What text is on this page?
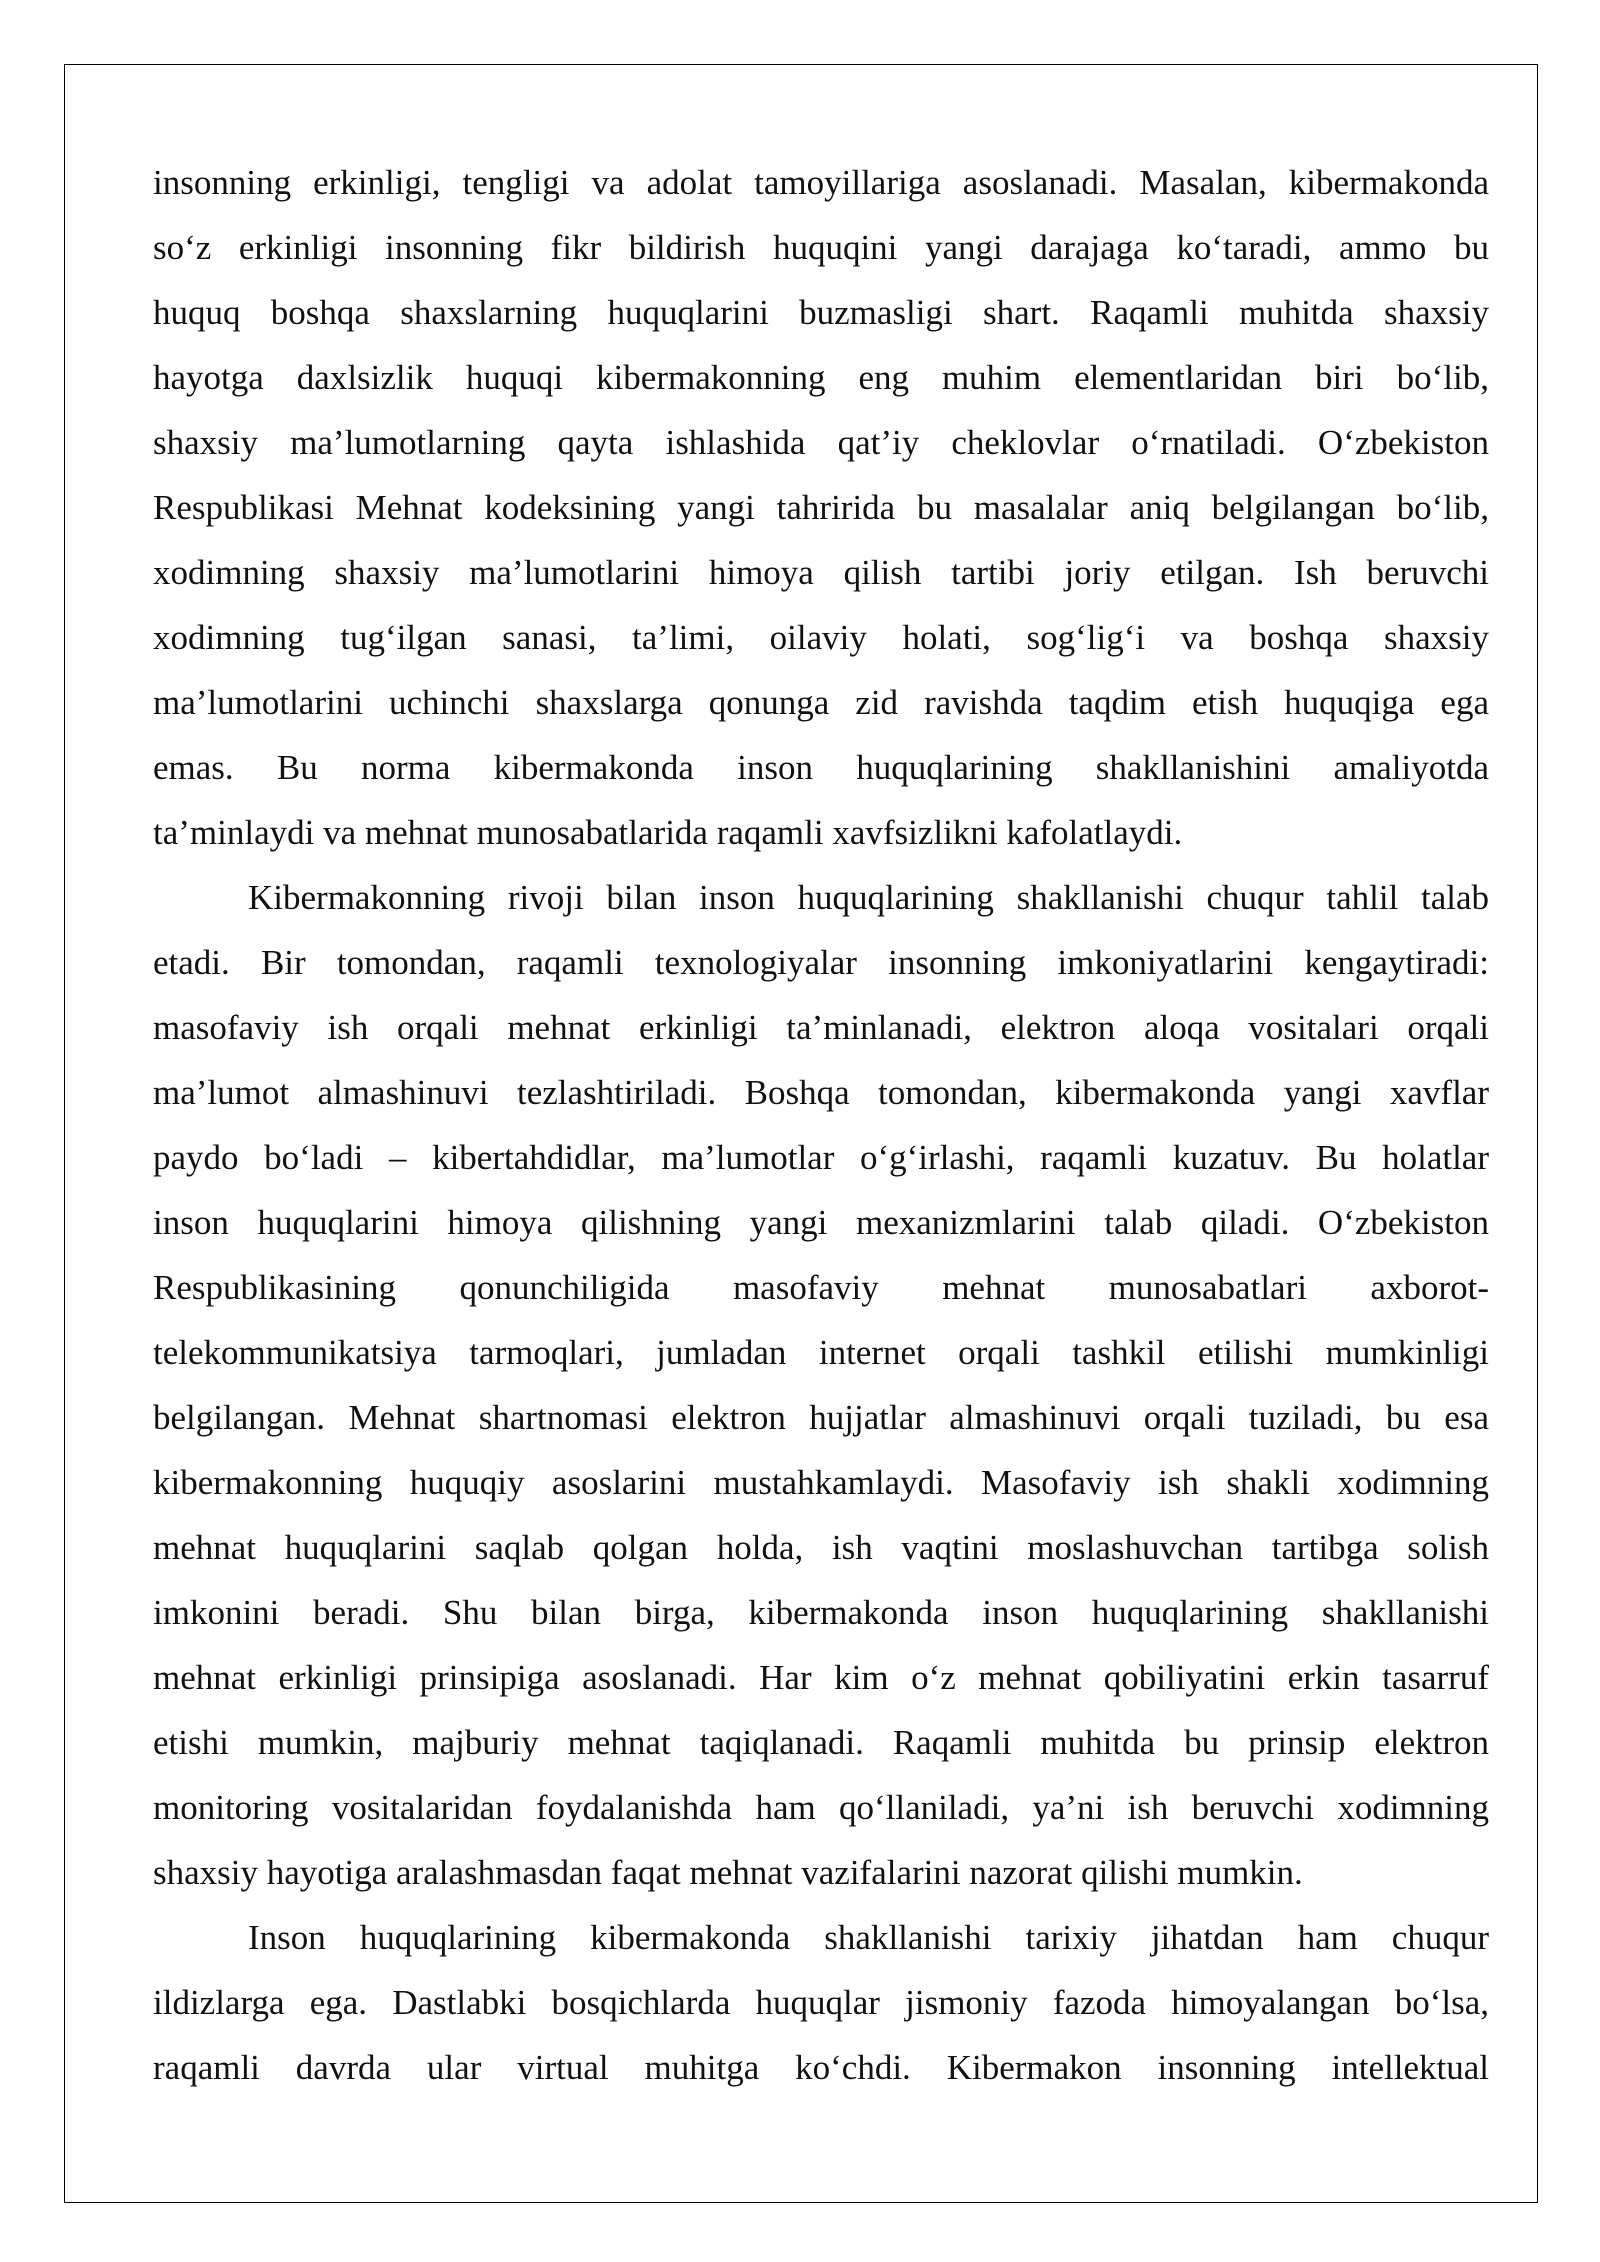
insonning erkinligi, tengligi va adolat tamoyillariga asoslanadi. Masalan, kibermakonda
so‘z erkinligi insonning fikr bildirish huquqini yangi darajaga ko‘taradi, ammo bu
huquq boshqa shaxslarning huquqlarini buzmasligi shart. Raqamli muhitda shaxsiy
hayotga daxlsizlik huquqi kibermakonning eng muhim elementlaridan biri bo‘lib,
shaxsiy ma’lumotlarning qayta ishlashida qat’iy cheklovlar o‘rnatiladi. O‘zbekiston
Respublikasi Mehnat kodeksining yangi tahririda bu masalalar aniq belgilangan bo‘lib,
xodimning shaxsiy ma’lumotlarini himoya qilish tartibi joriy etilgan. Ish beruvchi
xodimning tug‘ilgan sanasi, ta’limi, oilaviy holati, sog‘lig‘i va boshqa shaxsiy
ma’lumotlarini uchinchi shaxslarga qonunga zid ravishda taqdim etish huquqiga ega
emas. Bu norma kibermakonda inson huquqlarining shakllanishini amaliyotda
ta’minlaydi va mehnat munosabatlarida raqamli xavfsizlikni kafolatlaydi.
Kibermakonning rivoji bilan inson huquqlarining shakllanishi chuqur tahlil talab
etadi. Bir tomondan, raqamli texnologiyalar insonning imkoniyatlarini kengaytiradi:
masofaviy ish orqali mehnat erkinligi ta’minlanadi, elektron aloqa vositalari orqali
ma’lumot almashinuvi tezlashtiriladi. Boshqa tomondan, kibermakonda yangi xavflar
paydo bo‘ladi – kibertahdidlar, ma’lumotlar o‘g‘irlashi, raqamli kuzatuv. Bu holatlar
inson huquqlarini himoya qilishning yangi mexanizmlarini talab qiladi. O‘zbekiston
Respublikasining qonunchiligida masofaviy mehnat munosabatlari axborot-
telekommunikatsiya tarmoqlari, jumladan internet orqali tashkil etilishi mumkinligi
belgilangan. Mehnat shartnomasi elektron hujjatlar almashinuvi orqali tuziladi, bu esa
kibermakonning huquqiy asoslarini mustahkamlaydi. Masofaviy ish shakli xodimning
mehnat huquqlarini saqlab qolgan holda, ish vaqtini moslashuvchan tartibga solish
imkonini beradi. Shu bilan birga, kibermakonda inson huquqlarining shakllanishi
mehnat erkinligi prinsipiga asoslanadi. Har kim o‘z mehnat qobiliyatini erkin tasarruf
etishi mumkin, majburiy mehnat taqiqlanadi. Raqamli muhitda bu prinsip elektron
monitoring vositalaridan foydalanishda ham qo‘llaniladi, ya’ni ish beruvchi xodimning
shaxsiy hayotiga aralashmasdan faqat mehnat vazifalarini nazorat qilishi mumkin.
Inson huquqlarining kibermakonda shakllanishi tarixiy jihatdan ham chuqur
ildizlarga ega. Dastlabki bosqichlarda huquqlar jismoniy fazoda himoyalangan bo‘lsa,
raqamli davrda ular virtual muhitga ko‘chdi. Kibermakon insonning intellektual
